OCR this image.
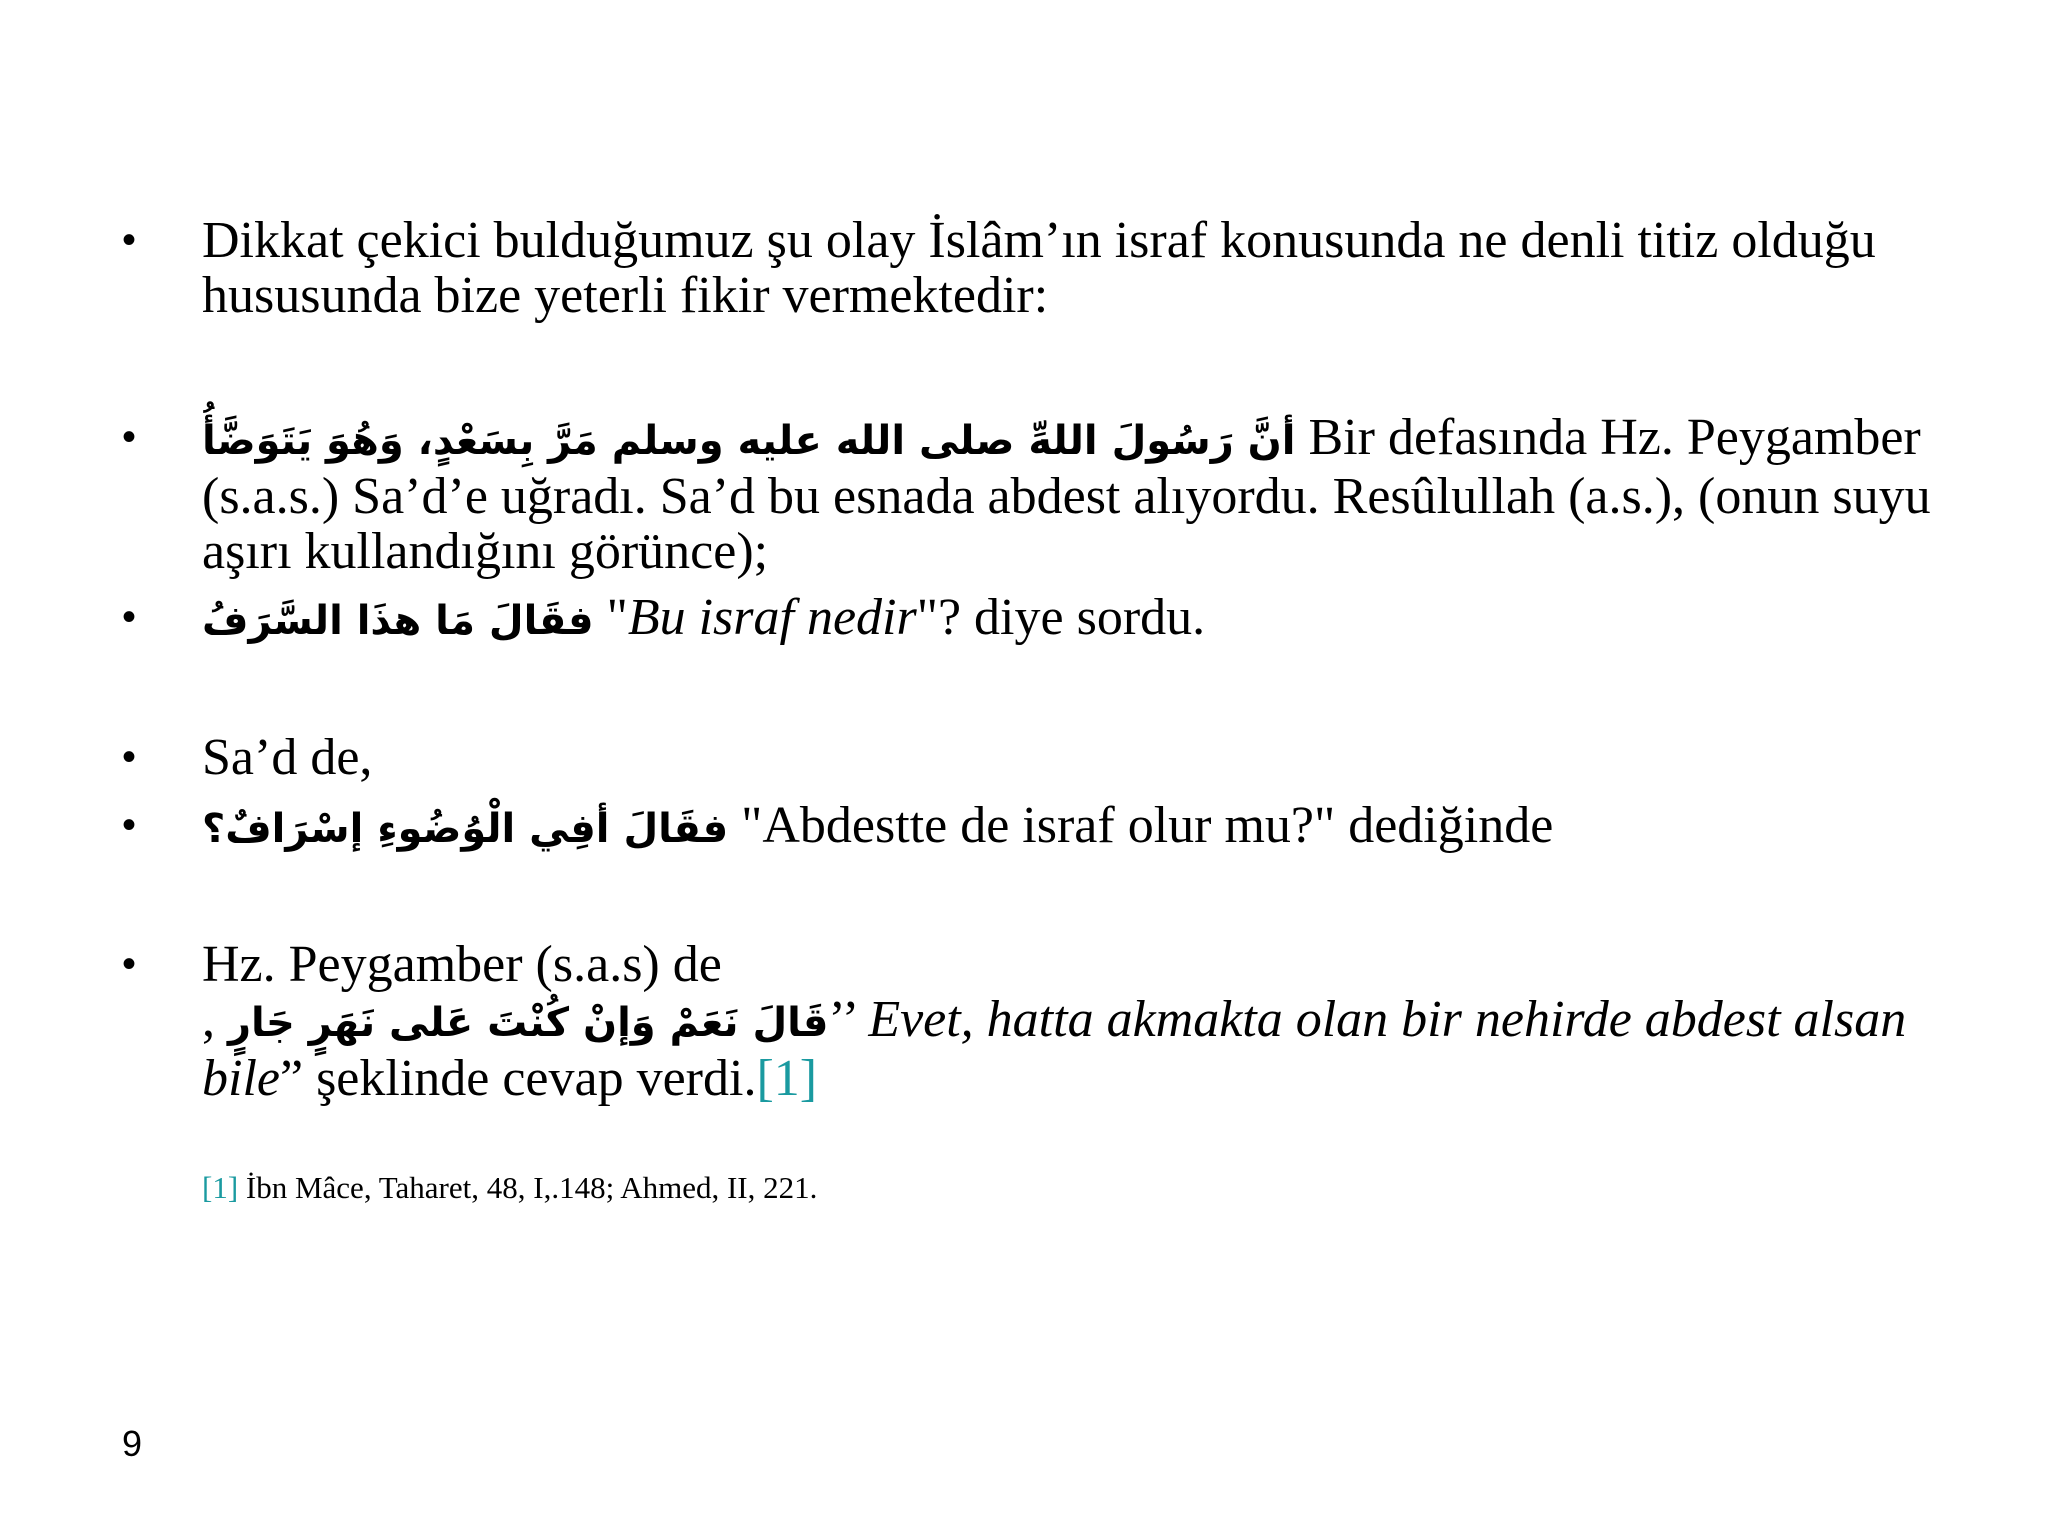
•	Dikkat çekici bulduğumuz şu olay İslâm’ın israf konusunda ne denli titiz olduğu hususunda bize yeterli fikir vermektedir:
•	أنَّ رَسُولَ اللهِّ صلى الله عليه وسلم مَرَّ بِسَعْدٍ، وَهُوَ يَتَوَضَّأُ Bir defasında Hz. Peygamber (s.a.s.) Sa’d’e uğradı. Sa’d bu esnada abdest alıyordu. Resûlullah (a.s.), (onun suyu aşırı kullandığını görünce);
•	فقَالَ مَا هذَا السَّرَفُ "Bu israf nedir"? diye sordu.
•	Sa’d de,
•	فقَالَ أفِي الْوُضُوءِ إسْرَافٌ؟ "Abdestte de israf olur mu?" dediğinde
•	Hz. Peygamber (s.a.s) de
, قَالَ نَعَمْ وَإنْ كُنْتَ عَلى نَهَرٍ جَارٍ’’ Evet, hatta akmakta olan bir nehirde abdest alsan bile” şeklinde cevap verdi.[1]
[1] İbn Mâce, Taharet, 48, I,.148; Ahmed, II, 221.
9
